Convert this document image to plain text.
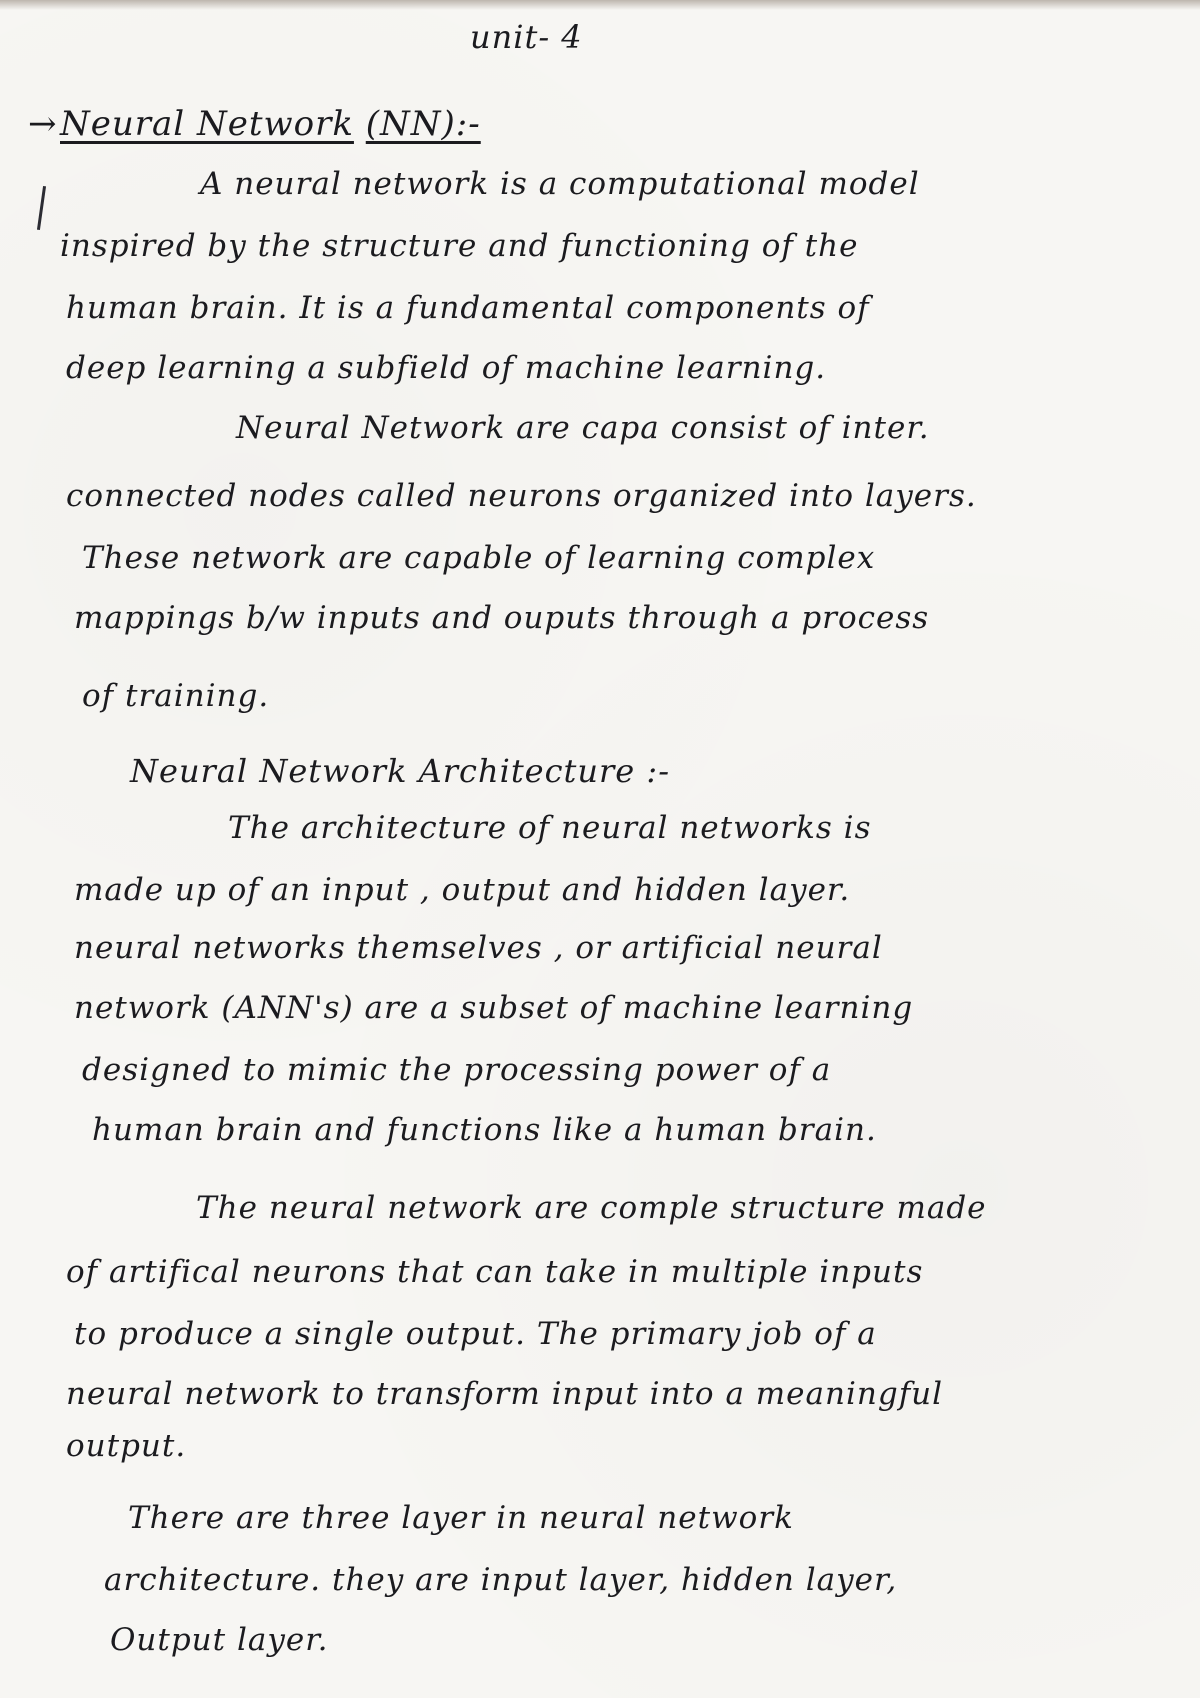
unit- 4
→ Neural Network (NN):-
A neural network is a computational model
inspired by the structure and functioning of the
human brain. It is a fundamental components of
deep learning a subfield of machine learning.
Neural Network are capa consist of inter.
connected nodes called neurons organized into layers.
These network are capable of learning complex
mappings b/w inputs and ouputs through a process
of training.
Neural Network Architecture :-
The architecture of neural networks is
made up of an input , output and hidden layer.
neural networks themselves , or artificial neural
network (ANN's) are a subset of machine learning
designed to mimic the processing power of a
human brain and functions like a human brain.
The neural network are comple structure made
of artifical neurons that can take in multiple inputs
to produce a single output. The primary job of a
neural network to transform input into a meaningful
output.
There are three layer in neural network
architecture. they are input layer, hidden layer,
Output layer.
